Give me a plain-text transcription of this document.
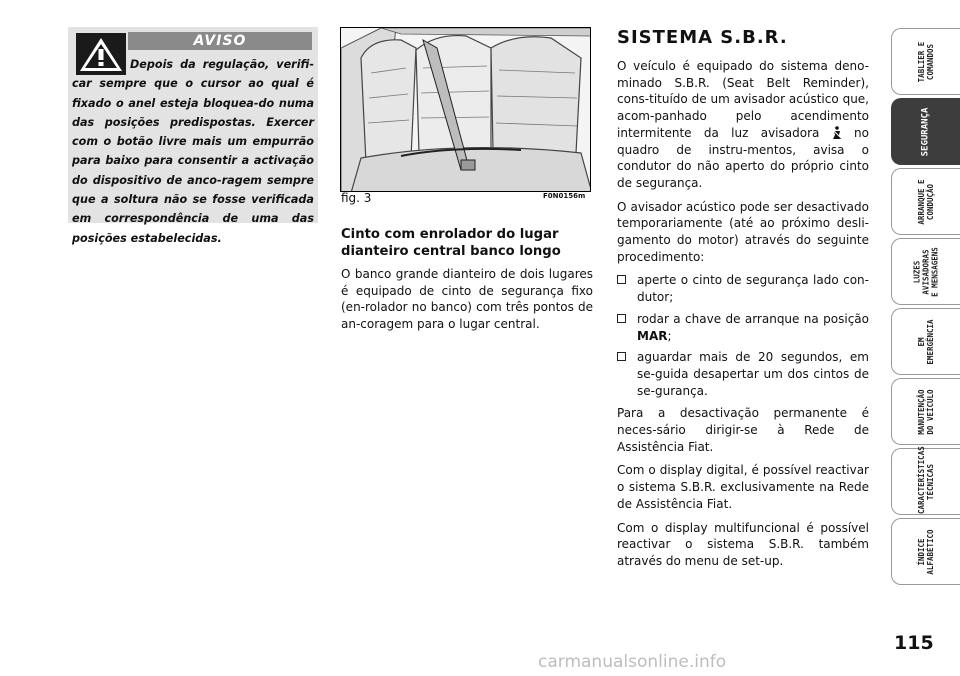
AVISO

Depois da regulação, verifi-car sempre que o cursor ao qual é fixado o anel esteja bloquea-do numa das posições predispostas. Exercer com o botão livre mais um empurrão para baixo para consentir a activação do dispositivo de anco-ragem sempre que a soltura não se fosse verificada em correspondência de uma das posições estabelecidas.

fig. 3	F0N0156m

Cinto com enrolador do lugar dianteiro central banco longo

O banco grande dianteiro de dois lugares é equipado de cinto de segurança fixo (en-rolador no banco) com três pontos de an-coragem para o lugar central.

SISTEMA S.B.R.

O veículo é equipado do sistema deno-minado S.B.R. (Seat Belt Reminder), cons-tituído de um avisador acústico que, acom-panhado pelo acendimento intermitente da luz avisadora	no quadro de instru-mentos, avisa o condutor do não aperto do próprio cinto de segurança.

O avisador acústico pode ser desactivado temporariamente (até ao próximo desli-gamento do motor) através do seguinte procedimento:

aperte o cinto de segurança lado con-dutor;
rodar a chave de arranque na posição MAR;
aguardar mais de 20 segundos, em se-guida desapertar um dos cintos de se-gurança.

Para a desactivação permanente é neces-sário dirigir-se à Rede de Assistência Fiat.

Com o display digital, é possível reactivar o sistema S.B.R. exclusivamente na Rede de Assistência Fiat.

Com o display multifuncional é possível reactivar o sistema S.B.R. também através do menu de set-up.

TABLIER E
COMANDOS
SEGURANÇA
ARRANQUE E
CONDUÇÃO
LUZES
AVISADORAS
E MENSAGENS
EM
EMERGÊNCIA
MANUTENÇÃO
DO VEÍCULO
CARACTERÍSTICAS
TÉCNICAS
ÍNDICE
ALFABÉTICO
115
carmanualsonline.info
